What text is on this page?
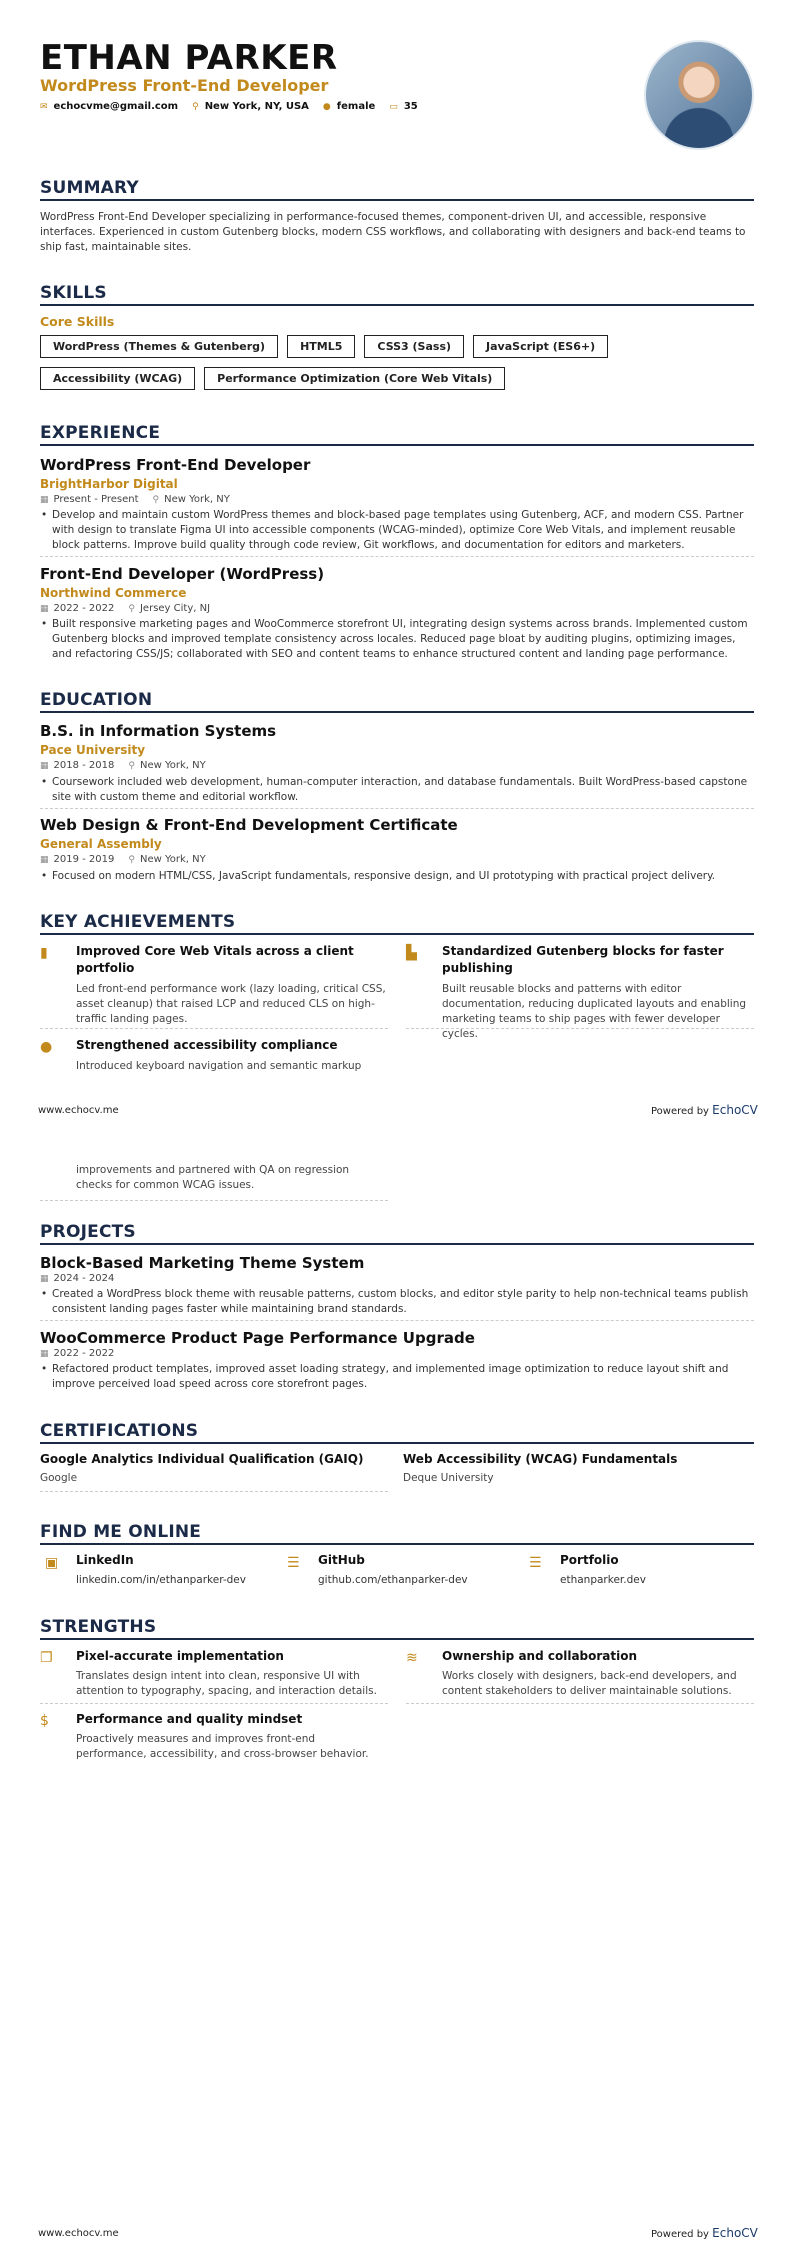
ETHAN PARKER
WordPress Front-End Developer
✉ echocvme@gmail.com ⚲ New York, NY, USA ● female ▭ 35
SUMMARY
WordPress Front-End Developer specializing in performance-focused themes, component-driven UI, and accessible, responsive interfaces. Experienced in custom Gutenberg blocks, modern CSS workflows, and collaborating with designers and back-end teams to ship fast, maintainable sites.
SKILLS
Core Skills
WordPress (Themes & Gutenberg)	HTML5	CSS3 (Sass)	JavaScript (ES6+)
Accessibility (WCAG)	Performance Optimization (Core Web Vitals)
EXPERIENCE
WordPress Front-End Developer
BrightHarbor Digital
▦ Present - Present ⚲ New York, NY
• Develop and maintain custom WordPress themes and block-based page templates using Gutenberg, ACF, and modern CSS. Partner with design to translate Figma UI into accessible components (WCAG-minded), optimize Core Web Vitals, and implement reusable block patterns. Improve build quality through code review, Git workflows, and documentation for editors and marketers.
Front-End Developer (WordPress)
Northwind Commerce
▦ 2022 - 2022 ⚲ Jersey City, NJ
• Built responsive marketing pages and WooCommerce storefront UI, integrating design systems across brands. Implemented custom Gutenberg blocks and improved template consistency across locales. Reduced page bloat by auditing plugins, optimizing images, and refactoring CSS/JS; collaborated with SEO and content teams to enhance structured content and landing page performance.
EDUCATION
B.S. in Information Systems
Pace University
▦ 2018 - 2018 ⚲ New York, NY
• Coursework included web development, human-computer interaction, and database fundamentals. Built WordPress-based capstone site with custom theme and editorial workflow.
Web Design & Front-End Development Certificate
General Assembly
▦ 2019 - 2019 ⚲ New York, NY
• Focused on modern HTML/CSS, JavaScript fundamentals, responsive design, and UI prototyping with practical project delivery.
KEY ACHIEVEMENTS
▮	Improved Core Web Vitals across a client portfolio
Led front-end performance work (lazy loading, critical CSS, asset cleanup) that raised LCP and reduced CLS on high-traffic landing pages.
▙ Standardized Gutenberg blocks for faster publishing
Built reusable blocks and patterns with editor documentation, reducing duplicated layouts and enabling marketing teams to ship pages with fewer developer cycles.
● Strengthened accessibility compliance
Introduced keyboard navigation and semantic markup
www.echocv.me	Powered by EchoCV
improvements and partnered with QA on regression checks for common WCAG issues.
PROJECTS
Block-Based Marketing Theme System
▦ 2024 - 2024
• Created a WordPress block theme with reusable patterns, custom blocks, and editor style parity to help non-technical teams publish consistent landing pages faster while maintaining brand standards.
WooCommerce Product Page Performance Upgrade
▦ 2022 - 2022
• Refactored product templates, improved asset loading strategy, and implemented image optimization to reduce layout shift and improve perceived load speed across core storefront pages.
CERTIFICATIONS
Google Analytics Individual Qualification (GAIQ)
Google
Web Accessibility (WCAG) Fundamentals
Deque University
FIND ME ONLINE
▣ LinkedIn
linkedin.com/in/ethanparker-dev
☰ GitHub
github.com/ethanparker-dev
☰ Portfolio
ethanparker.dev
STRENGTHS
❐ Pixel-accurate implementation
Translates design intent into clean, responsive UI with attention to typography, spacing, and interaction details.
≋ Ownership and collaboration
Works closely with designers, back-end developers, and content stakeholders to deliver maintainable solutions.
$	Performance and quality mindset
Proactively measures and improves front-end performance, accessibility, and cross-browser behavior.
www.echocv.me	Powered by EchoCV
